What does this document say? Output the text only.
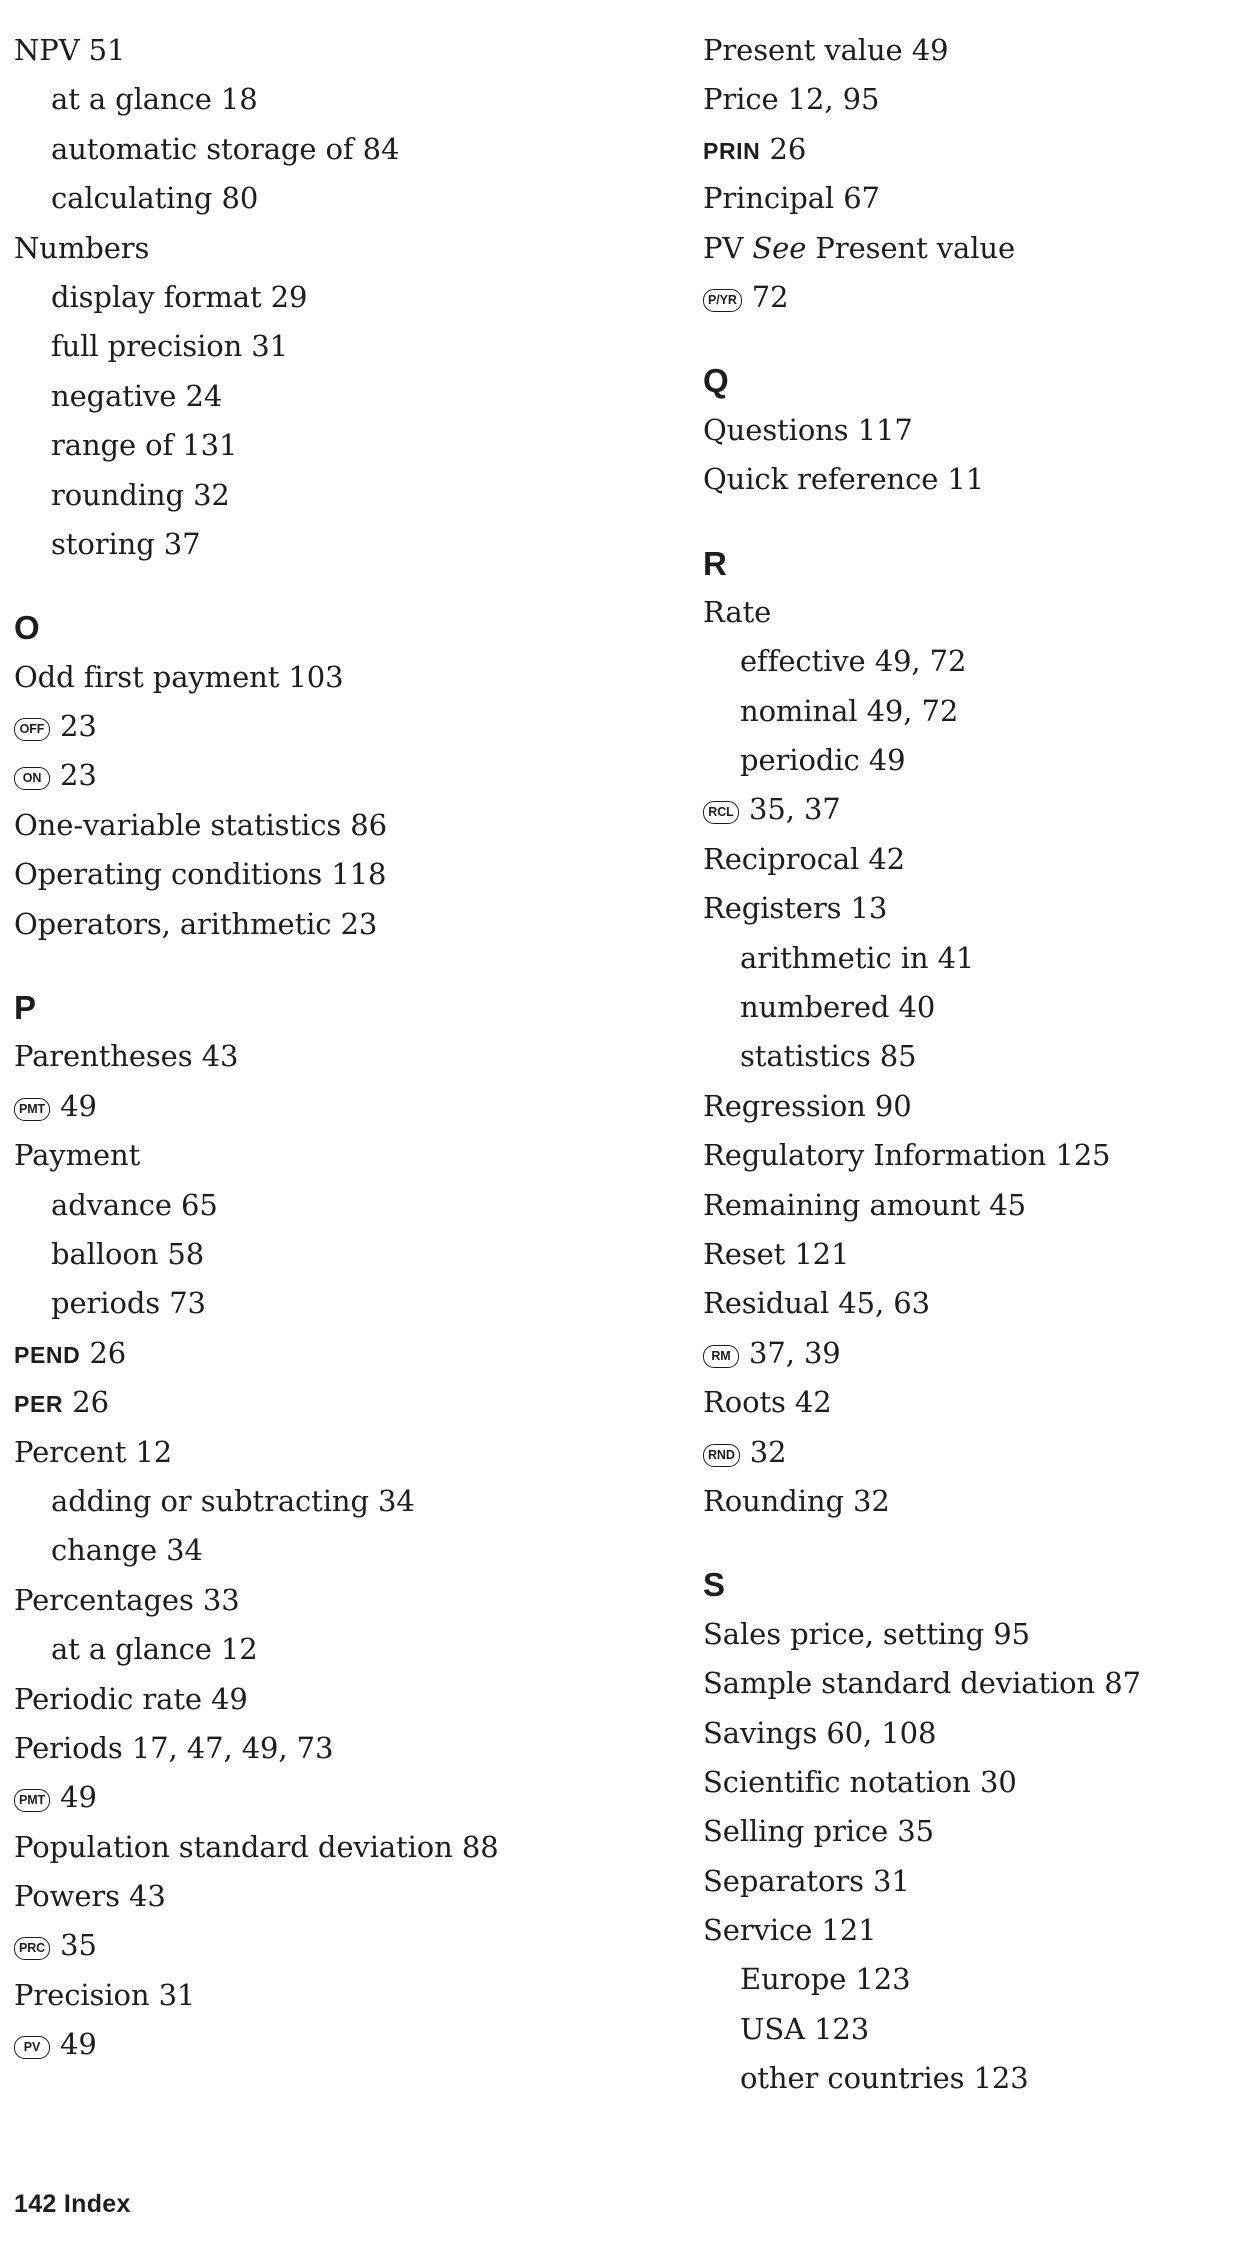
NPV 51
at a glance 18
automatic storage of 84
calculating 80
Numbers
display format 29
full precision 31
negative 24
range of 131
rounding 32
storing 37
O
Odd first payment 103
OFF 23
ON 23
One-variable statistics 86
Operating conditions 118
Operators, arithmetic 23
P
Parentheses 43
PMT 49
Payment
advance 65
balloon 58
periods 73
PEND 26
PER 26
Percent 12
adding or subtracting 34
change 34
Percentages 33
at a glance 12
Periodic rate 49
Periods 17, 47, 49, 73
PMT 49
Population standard deviation 88
Powers 43
PRC 35
Precision 31
PV 49
Present value 49
Price 12, 95
PRIN 26
Principal 67
PV See Present value
P/YR 72
Q
Questions 117
Quick reference 11
R
Rate
effective 49, 72
nominal 49, 72
periodic 49
RCL 35, 37
Reciprocal 42
Registers 13
arithmetic in 41
numbered 40
statistics 85
Regression 90
Regulatory Information 125
Remaining amount 45
Reset 121
Residual 45, 63
RM 37, 39
Roots 42
RND 32
Rounding 32
S
Sales price, setting 95
Sample standard deviation 87
Savings 60, 108
Scientific notation 30
Selling price 35
Separators 31
Service 121
Europe 123
USA 123
other countries 123
142 Index
